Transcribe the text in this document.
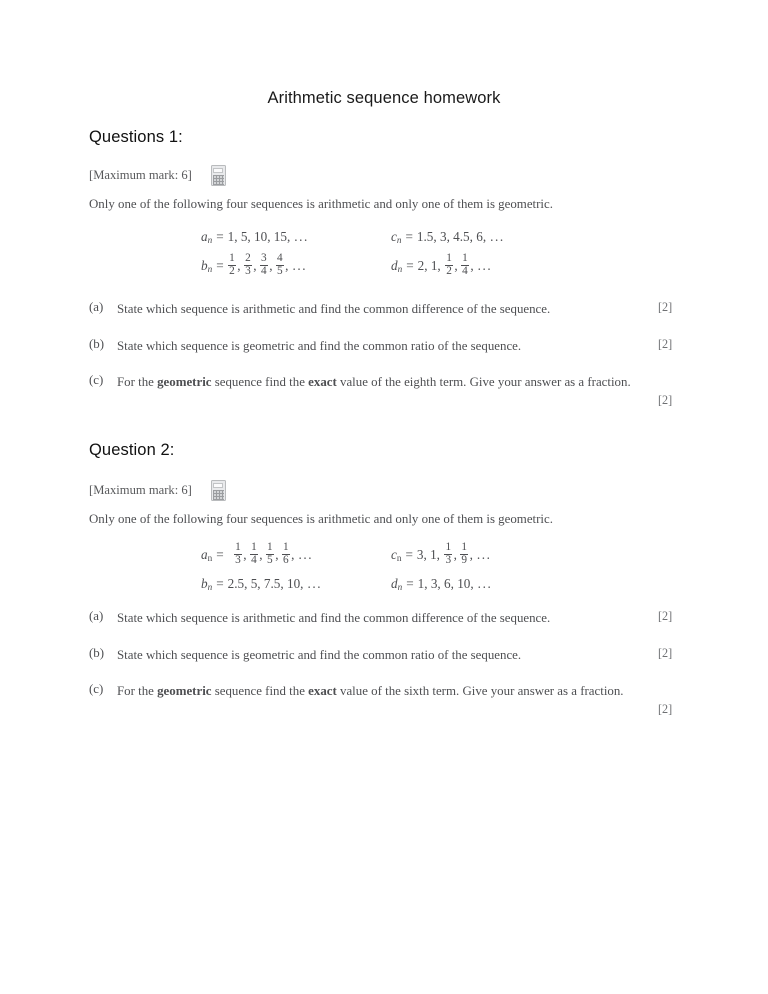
Arithmetic sequence homework
Questions 1:
[Maximum mark: 6]
Only one of the following four sequences is arithmetic and only one of them is geometric.
$a_n = 1$, 5, 10, 15, ...	$c_n = 1.5$, 3, 4.5, 6, ...
$b_n = \frac{1}{2}$ , $\frac{2}{3}$ , $\frac{3}{4}$ , $\frac{4}{5}$ , ...	$d_n = 2$, 1, $\frac{1}{2}$ , $\frac{1}{4}$ , ...
(a)	State which sequence is arithmetic and find the common difference of the sequence.	[2]
(b)	State which sequence is geometric and find the common ratio of the sequence.	[2]
(c)	For the geometric sequence find the exact value of the eighth term. Give your answer as a fraction.
[2]
Question 2:
[Maximum mark: 6]
Only one of the following four sequences is arithmetic and only one of them is geometric.
$a_n = \frac{1}{3}$ , $\frac{1}{4}$ , $\frac{1}{5}$ , $\frac{1}{6}$ , ...	$c_n = 3$, 1, $\frac{1}{3}$ , $\frac{1}{9}$ , ...
$b_n = 2.5$, 5, 7.5, 10, ...	$d_n = 1$, 3, 6, 10, ...
(a)	State which sequence is arithmetic and find the common difference of the sequence.	[2]
(b)	State which sequence is geometric and find the common ratio of the sequence.	[2]
(c)	For the geometric sequence find the exact value of the sixth term. Give your answer as a fraction.
[2]
